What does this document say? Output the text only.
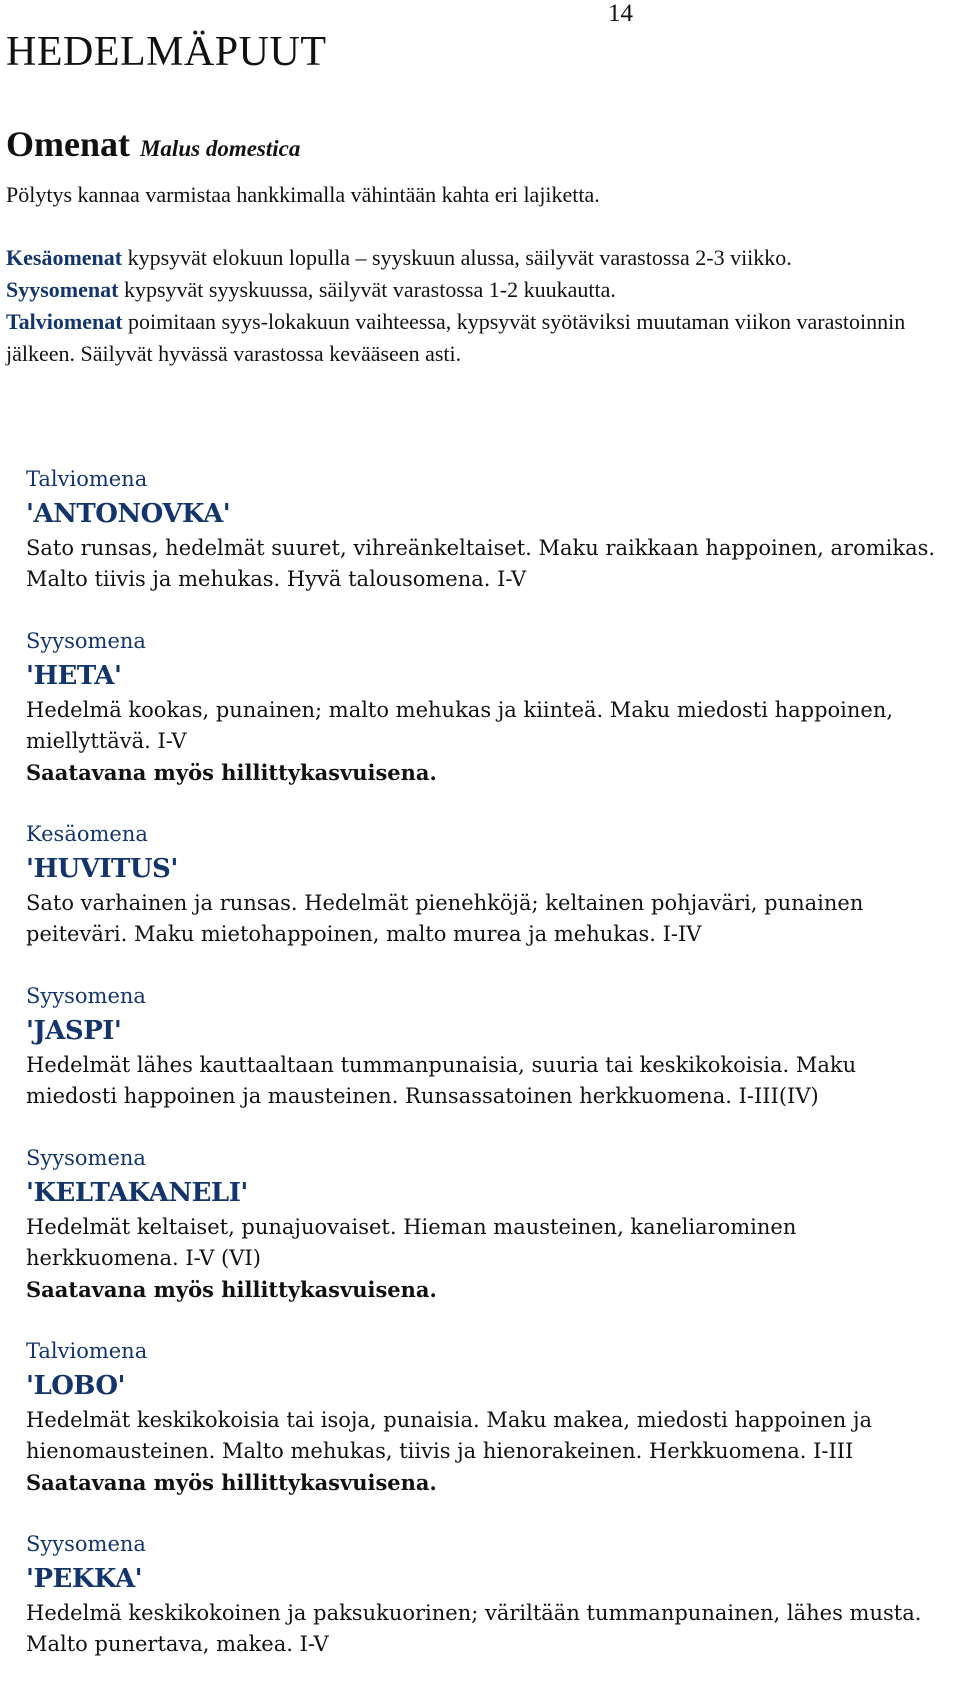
14
HEDELMÄPUUT
Omenat Malus domestica

Pölytys kannaa varmistaa hankkimalla vähintään kahta eri lajiketta.

Kesäomenat kypsyvät elokuun lopulla – syyskuun alussa, säilyvät varastossa 2-3 viikko.

Syysomenat kypsyvät syyskuussa, säilyvät varastossa 1-2 kuukautta.

Talviomenat poimitaan syys-lokakuun vaihteessa, kypsyvät syötäviksi muutaman viikon varastoinnin jälkeen. Säilyvät hyvässä varastossa kevääseen asti.

Talviomena
'ANTONOVKA'
Sato runsas, hedelmät suuret, vihreänkeltaiset. Maku raikkaan happoinen, aromikas. Malto tiivis ja mehukas. Hyvä talousomena. I-V
Syysomena
'HETA'
Hedelmä kookas, punainen; malto mehukas ja kiinteä. Maku miedosti happoinen, miellyttävä. I-V
Saatavana myös hillittykasvuisena.
Kesäomena
'HUVITUS'
Sato varhainen ja runsas. Hedelmät pienehköjä; keltainen pohjaväri, punainen peiteväri. Maku mietohappoinen, malto murea ja mehukas. I-IV
Syysomena
'JASPI'
Hedelmät lähes kauttaaltaan tummanpunaisia, suuria tai keskikokoisia. Maku miedosti happoinen ja mausteinen. Runsassatoinen herkkuomena. I-III(IV)
Syysomena
'KELTAKANELI'
Hedelmät keltaiset, punajuovaiset. Hieman mausteinen, kaneliarominen herkkuomena. I-V (VI)
Saatavana myös hillittykasvuisena.
Talviomena
'LOBO'
Hedelmät keskikokoisia tai isoja, punaisia. Maku makea, miedosti happoinen ja hienomausteinen. Malto mehukas, tiivis ja hienorakeinen. Herkkuomena. I-III
Saatavana myös hillittykasvuisena.
Syysomena
'PEKKA'
Hedelmä keskikokoinen ja paksukuorinen; väriltään tummanpunainen, lähes musta. Malto punertava, makea. I-V
